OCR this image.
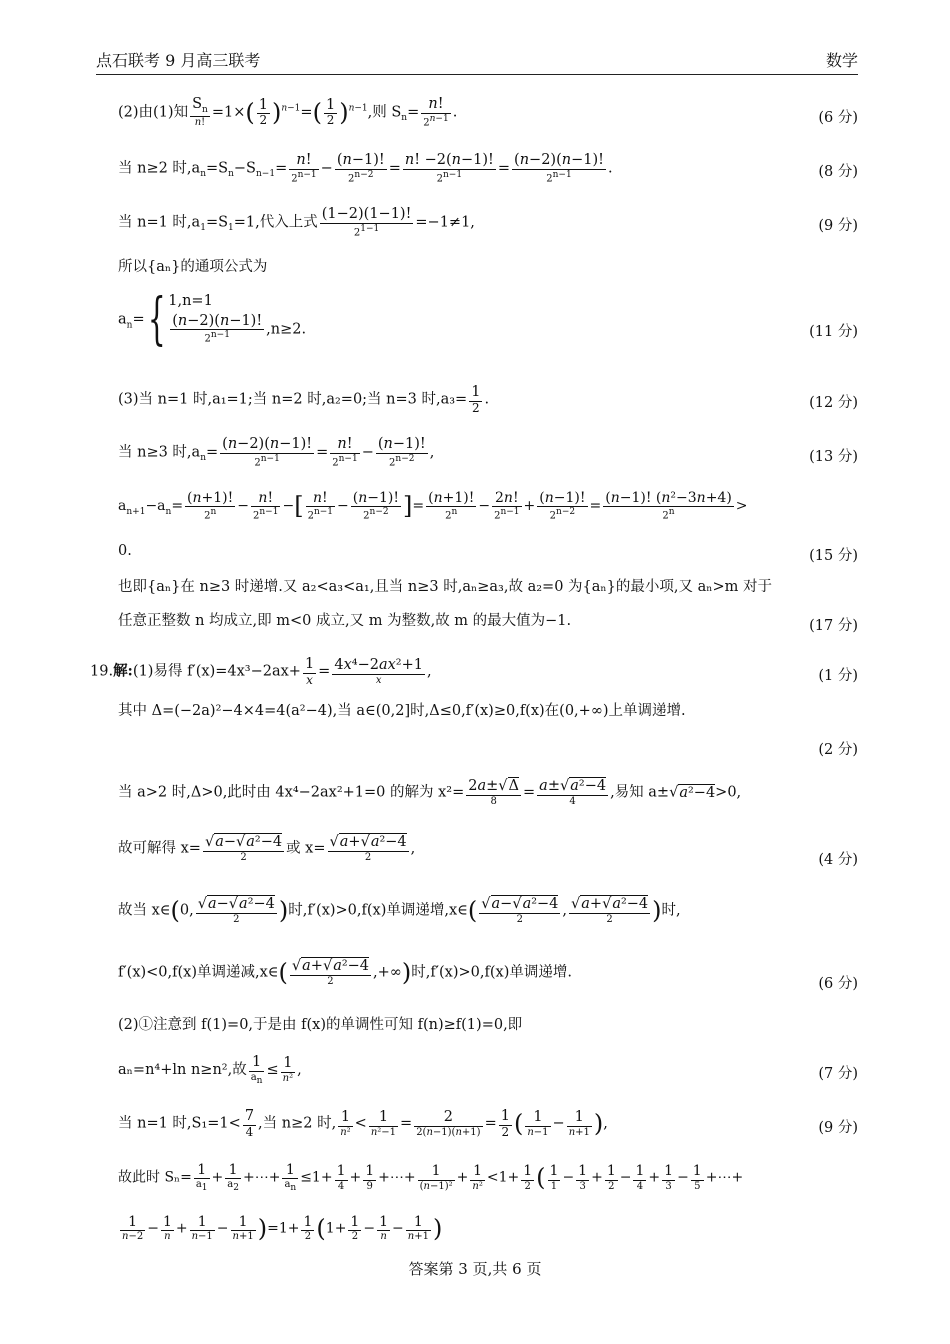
点石联考 9 月高三联考	数学
(2)由(1)知 $\frac{S_n}{n!} =1\times( \frac{1}{2} )^{n-1}=( \frac{1}{2} )^{n-1}$,则 $S_n= \frac{n!}{2^{n-1}}$ .	(6 分)
当 n≥2 时$,a_n=S_n-S_{n-1}= \frac{n!}{2^{n-1}} - \frac{(n-1)!}{2^{n-2}} = \frac{n! -2(n-1)!}{2^{n-1}} = \frac{(n-2)(n-1)!}{2^{n-1}}$ .	(8 分)
当 n=1 时$,a_1=S_1=1$,代入上式 $\frac{(1-2)(1-1)!}{2^{1-1}} =-1\ne 1$,	(9 分)
所以{aₙ}的通项公式为
$a_n=${ 1,n=1
$\frac{(n-2)(n-1)!}{2^{n-1}} ,n\ge 2$.	(11 分)
(3)当 n=1 时,a₁=1;当 n=2 时,a₂=0;当 n=3 时$,a_3= \frac{1}{2}$ .	(12 分)
当 n≥3 时$,a_n= \frac{(n-2)(n-1)!}{2^{n-1}} = \frac{n!}{2^{n-1}} - \frac{(n-1)!}{2^{n-2}}$ ,	(13 分)
$a_{n+1}-a_n= \frac{(n+1)!}{2^n} - \frac{n!}{2^{n-1}}$ −[ $\frac{n!}{2^{n-1}} - \frac{(n-1)!}{2^{n-2}}$ ]= $\frac{(n+1)!}{2^n} - \frac{2n!}{2^{n-1}} + \frac{(n-1)!}{2^{n-2}} = \frac{\text{(n−1)! (n²−3n+4)}}{2^n}$ >
0.	(15 分)
也即{aₙ}在 n≥3 时递增.又 a₂<a₃<a₁,且当 n≥3 时,aₙ≥a₃,故 a₂=0 为{aₙ}的最小项,又 aₙ>m 对于
任意正整数 n 均成立,即 m<0 成立,又 m 为整数,故 m 的最大值为−1.	(17 分)
19.解:(1)易得 $f'(x)=4x^3-2ax+ \frac{1}{x} = \frac{\text{4x⁴−2ax²+1}}{x}$ ,	(1 分)
其中 Δ=(−2a)²−4×4=4(a²−4),当 a∈(0,2]时,Δ≤0,f′(x)≥0,f(x)在(0,+∞)上单调递增.
(2 分)
当 a>2 时,Δ>0,此时由 4x⁴−2ax²+1=0 的解为 $x^2= \frac{2a\pm√\Delta}{8} = \frac{\text{a±√a²−4}}{4}$ ,易知 a±√a²−4>0,
故可解得 $x= \frac{\text{√a−√a²−4}}{2}$ 或 $x= \frac{\text{√a+√a²−4}}{2}$ ,
(4 分)
故当 x∈(0, $\frac{\text{√a−√a²−4}}{2}$ )时,f′(x)>0,f(x)单调递增,x∈( $\frac{\text{√a−√a²−4}}{2}$ , $\frac{\text{√a+√a²−4}}{2}$ )时,
f′(x)<0,f(x)单调递减,x∈( $\frac{\text{√a+√a²−4}}{2}$ ,+∞)时,f′(x)>0,f(x)单调递增.
(6 分)
(2)①注意到 f(1)=0,于是由 f(x)的单调性可知 f(n)≥f(1)=0,即
aₙ=n⁴+ln n≥n²,故 $\frac{1}{a_n} \le \frac{1}{\text{n²}}$ ,	(7 分)
当 n=1 时$,S_1=1< \frac{7}{4}$ ,当 n≥2 时, $\frac{1}{\text{n²}} < \frac{1}{\text{n²−1}} = \frac{2}{2(n-1)(n+1)} = \frac{1}{2}$ ( $\frac{1}{n-1} - \frac{1}{n+1}$ ),	(9 分)
故此时 $S_n= \frac{1}{a_1} + \frac{1}{a_2}$ +⋯+ $\frac{1}{a_n} \le 1+ \frac{1}{4} + \frac{1}{9}$ +⋯+ $\frac{1}{\text{(n−1)²}} + \frac{1}{\text{n²}} <1+ \frac{1}{2}$ ( $\frac{1}{1} - \frac{1}{3} + \frac{1}{2} - \frac{1}{4} + \frac{1}{3} - \frac{1}{5}$ +⋯+
$\frac{1}{n-2} - \frac{1}{n} + \frac{1}{n-1} - \frac{1}{n+1} )=1+ \frac{1}{2} (1+ \frac{1}{2} - \frac{1}{n} - \frac{1}{n+1}$ )
答案第 3 页,共 6 页
